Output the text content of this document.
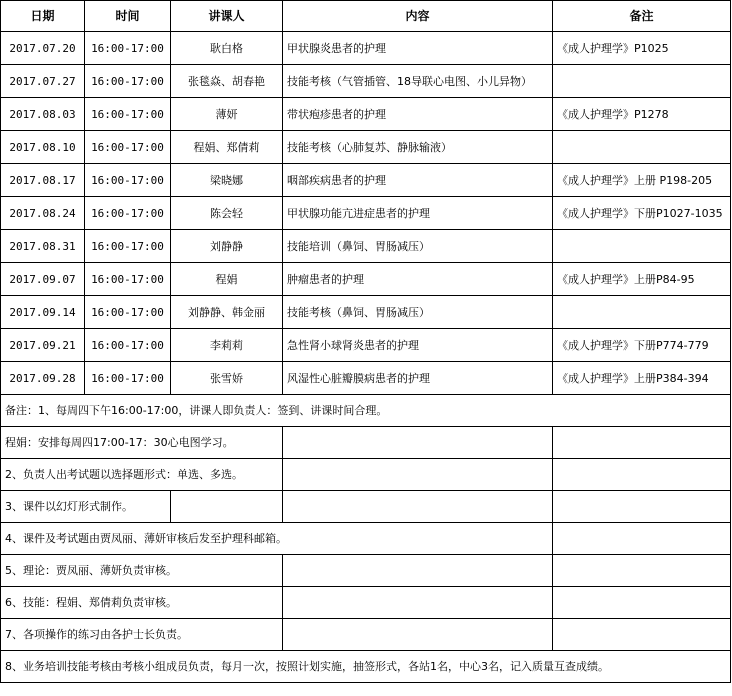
日期	时间	讲课人	内容	备注
2017.07.20	16:00-17:00	耿白格	甲状腺炎患者的护理	《成人护理学》P1025
2017.07.27	16:00-17:00	张毯焱、胡春艳	技能考核（气管插管、18导联心电图、小儿异物）	
2017.08.03	16:00-17:00	薄妍	带状疱疹患者的护理	《成人护理学》P1278
2017.08.10	16:00-17:00	程娟、郑倩莉	技能考核（心肺复苏、静脉输液）	
2017.08.17	16:00-17:00	梁晓娜	咽部疾病患者的护理	《成人护理学》上册 P198-205
2017.08.24	16:00-17:00	陈会轻	甲状腺功能亢进症患者的护理	《成人护理学》下册P1027-1035
2017.08.31	16:00-17:00	刘静静	技能培训（鼻饲、胃肠减压）	
2017.09.07	16:00-17:00	程娟	肿瘤患者的护理	《成人护理学》上册P84-95
2017.09.14	16:00-17:00	刘静静、韩金丽	技能考核（鼻饲、胃肠减压）	
2017.09.21	16:00-17:00	李莉莉	急性肾小球肾炎患者的护理	《成人护理学》下册P774-779
2017.09.28	16:00-17:00	张雪娇	风湿性心脏瓣膜病患者的护理	《成人护理学》上册P384-394
备注：1、每周四下午16:00-17:00，讲课人即负责人：签到、讲课时间合理。				
程娟：安排每周四17:00-17：30心电图学习。				
2、负责人出考试题以选择题形式：单选、多选。				
3、课件以幻灯形式制作。				
4、课件及考试题由贾凤丽、薄妍审核后发至护理科邮箱。				
5、理论：贾凤丽、薄妍负责审核。				
6、技能：程娟、郑倩莉负责审核。				
7、各项操作的练习由各护士长负责。				
8、业务培训技能考核由考核小组成员负责，每月一次，按照计划实施，抽签形式，各站1名，中心3名，记入质量互查成绩。				
